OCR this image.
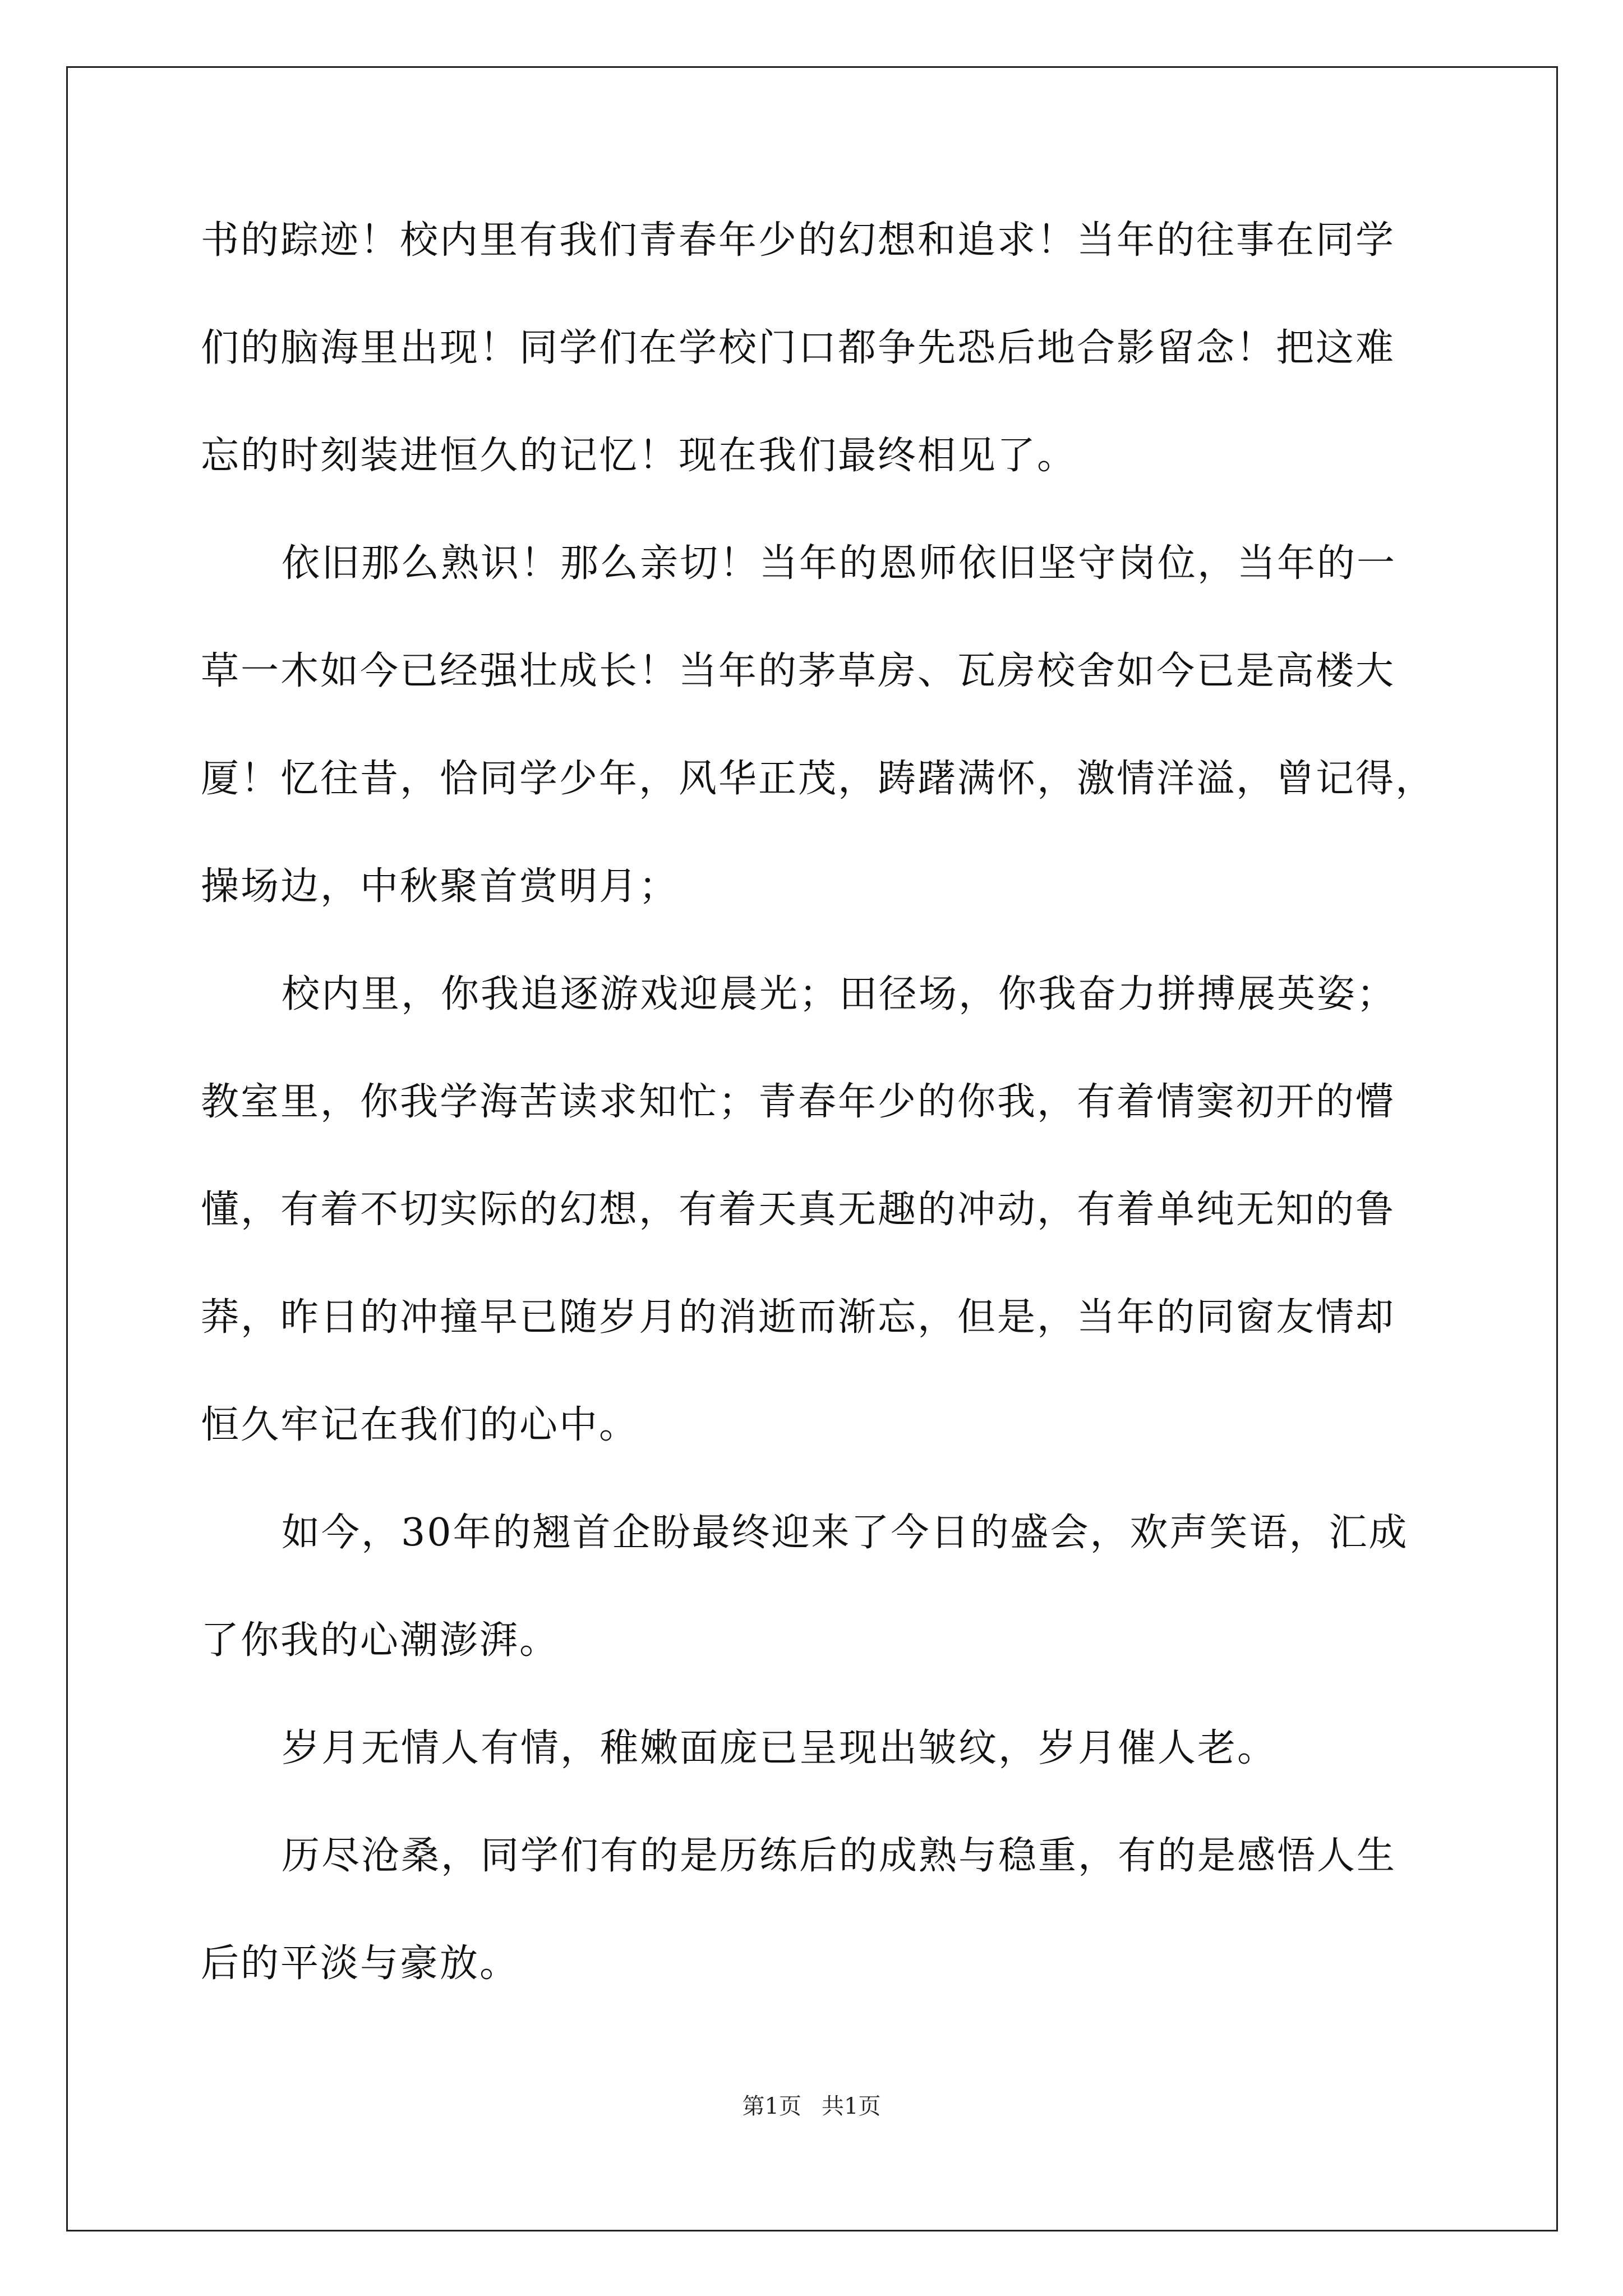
书的踪迹！校内里有我们青春年少的幻想和追求！当年的往事在同学
们的脑海里出现！同学们在学校门口都争先恐后地合影留念！把这难
忘的时刻装进恒久的记忆！现在我们最终相见了。
依旧那么熟识！那么亲切！当年的恩师依旧坚守岗位，当年的一
草一木如今已经强壮成长！当年的茅草房、瓦房校舍如今已是高楼大
厦！忆往昔，恰同学少年，风华正茂，踌躇满怀，激情洋溢，曾记得，
操场边，中秋聚首赏明月；
校内里，你我追逐游戏迎晨光；田径场，你我奋力拼搏展英姿；
教室里，你我学海苦读求知忙；青春年少的你我，有着情窦初开的懵
懂，有着不切实际的幻想，有着天真无趣的冲动，有着单纯无知的鲁
莽，昨日的冲撞早已随岁月的消逝而渐忘，但是，当年的同窗友情却
恒久牢记在我们的心中。
如今，30年的翘首企盼最终迎来了今日的盛会，欢声笑语，汇成
了你我的心潮澎湃。
岁月无情人有情，稚嫩面庞已呈现出皱纹，岁月催人老。
历尽沧桑，同学们有的是历练后的成熟与稳重，有的是感悟人生
后的平淡与豪放。
第1页 共1页
